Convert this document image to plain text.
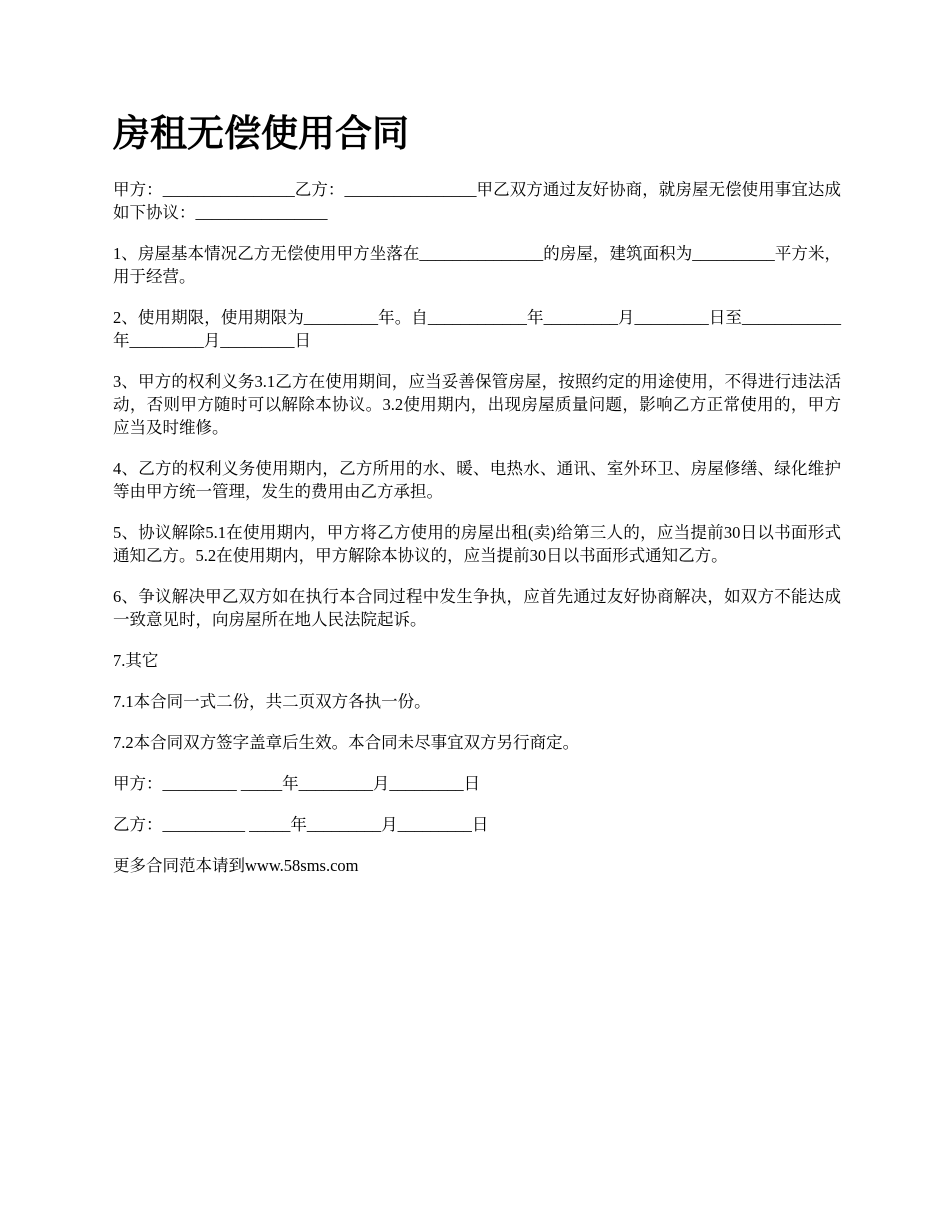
房租无偿使用合同

甲方：________________乙方：________________甲乙双方通过友好协商，就房屋无偿使用事宜达成如下协议：________________

1、房屋基本情况乙方无偿使用甲方坐落在_______________的房屋，建筑面积为__________平方米，用于经营。

2、使用期限，使用期限为_________年。自____________年_________月_________日至____________年_________月_________日

3、甲方的权利义务3.1乙方在使用期间，应当妥善保管房屋，按照约定的用途使用，不得进行违法活动，否则甲方随时可以解除本协议。3.2使用期内，出现房屋质量问题，影响乙方正常使用的，甲方应当及时维修。

4、乙方的权利义务使用期内，乙方所用的水、暖、电热水、通讯、室外环卫、房屋修缮、绿化维护等由甲方统一管理，发生的费用由乙方承担。

5、协议解除5.1在使用期内，甲方将乙方使用的房屋出租(卖)给第三人的，应当提前30日以书面形式通知乙方。5.2在使用期内，甲方解除本协议的，应当提前30日以书面形式通知乙方。

6、争议解决甲乙双方如在执行本合同过程中发生争执，应首先通过友好协商解决，如双方不能达成一致意见时，向房屋所在地人民法院起诉。

7.其它

7.1本合同一式二份，共二页双方各执一份。

7.2本合同双方签字盖章后生效。本合同未尽事宜双方另行商定。

甲方：_________ _____年_________月_________日

乙方：__________ _____年_________月_________日

更多合同范本请到www.58sms.com
